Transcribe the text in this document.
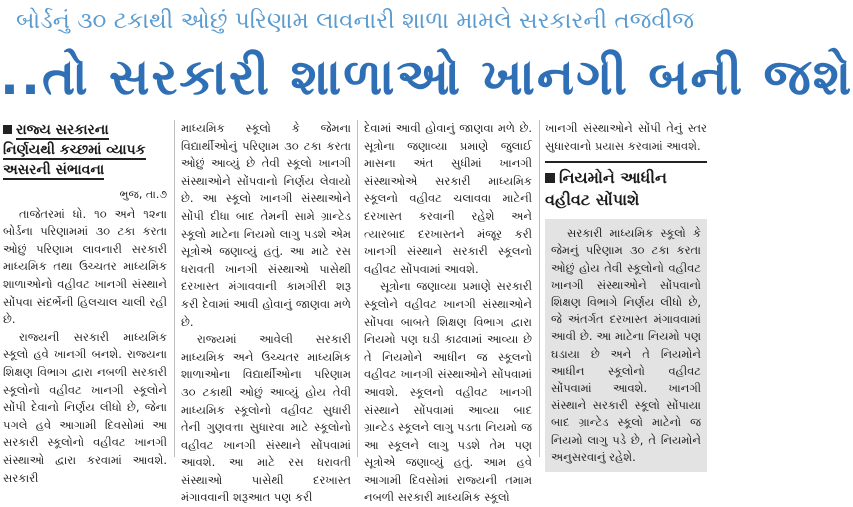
બોર્ડનું ૩૦ ટકાથી ઓછું પરિણામ લાવનારી શાળા મામલે સરકારની તજવીજ
..તો સરકારી શાળાઓ ખાનગી બની જશે
રાજ્ય સરકારના
નિર્ણયથી કચ્છમાં વ્યાપક
અસરની સંભાવના
ભુજ, તા.૭

તાજેતરમાં ધો. ૧૦ અને ૧૨ના બોર્ડના પરિણામમાં ૩૦ ટકા કરતા ઓછું પરિણામ લાવનારી સરકારી માધ્યમિક તથા ઉચ્ચતર માધ્યમિક શાળાઓનો વહીવટ ખાનગી સંસ્થાને સોંપવા સંદર્ભેની હિલચાલ ચાલી રહી છે.

રાજ્યની સરકારી માધ્યમિક સ્કૂલો હવે ખાનગી બનશે. રાજ્યના શિક્ષણ વિભાગ દ્વારા નબળી સરકારી સ્કૂલોનો વહીવટ ખાનગી સ્કૂલોને સોંપી દેવાનો નિર્ણય લીધો છે, જેના પગલે હવે આગામી દિવસોમાં આ સરકારી સ્કૂલોનો વહીવટ ખાનગી સંસ્થાઓ દ્વારા કરવામાં આવશે. સરકારી

માધ્યમિક સ્કૂલો કે જેમના વિદ્યાર્થીઓનું પરિણામ ૩૦ ટકા કરતા ઓછું આવ્યું છે તેવી સ્કૂલો ખાનગી સંસ્થાઓને સોંપવાનો નિર્ણય લેવાયો છે. આ સ્કૂલો ખાનગી સંસ્થાઓને સોંપી દીધા બાદ તેમની સામે ગ્રાન્ટેડ સ્કૂલો માટેના નિયમો લાગુ પડશે એમ સૂત્રોએ જણાવ્યું હતું. આ માટે રસ ધરાવતી ખાનગી સંસ્થાઓ પાસેથી દરખાસ્ત મંગાવવાની કામગીરી શરૂ કરી દેવામાં આવી હોવાનું જાણવા મળે છે.

રાજ્યમાં આવેલી સરકારી માધ્યમિક અને ઉચ્ચતર માધ્યમિક શાળાઓના વિદ્યાર્થીઓના પરિણામ ૩૦ ટકાથી ઓછું આવ્યું હોય તેવી માધ્યમિક સ્કૂલોનો વહીવટ સુધારી તેની ગુણવત્તા સુધારવા માટે સ્કૂલોનો વહીવટ ખાનગી સંસ્થાને સોંપવામાં આવશે. આ માટે રસ ધરાવતી સંસ્થાઓ પાસેથી દરખાસ્ત મંગાવવાની શરૂઆત પણ કરી

દેવામાં આવી હોવાનું જાણવા મળે છે. સૂત્રોના જણાવ્યા પ્રમાણે જુલાઈ માસના અંત સુધીમાં ખાનગી સંસ્થાઓએ સરકારી માધ્યમિક સ્કૂલનો વહીવટ ચલાવવા માટેની દરખાસ્ત કરવાની રહેશે અને ત્યારબાદ દરખાસ્તને મંજૂર કરી ખાનગી સંસ્થાને સરકારી સ્કૂલનો વહીવટ સોંપવામાં આવશે.

સૂત્રોના જણાવ્યા પ્રમાણે સરકારી સ્કૂલોને વહીવટ ખાનગી સંસ્થાઓને સોંપવા બાબતે શિક્ષણ વિભાગ દ્વારા નિયમો પણ ઘડી કાઢવામાં આવ્યા છે તે નિયમોને આધીન જ સ્કૂલનો વહીવટ ખાનગી સંસ્થાઓને સોંપવામાં આવશે. સ્કૂલનો વહીવટ ખાનગી સંસ્થાને સોંપવામાં આવ્યા બાદ ગ્રાન્ટેડ સ્કૂલને લાગુ પડતા નિયમો જ આ સ્કૂલને લાગુ પડશે તેમ પણ સૂત્રોએ જણાવ્યું હતું. આમ હવે આગામી દિવસોમાં રાજ્યની તમામ નબળી સરકારી માધ્યમિક સ્કૂલો

ખાનગી સંસ્થાઓને સોંપી તેનું સ્તર સુધારવાનો પ્રયાસ કરવામાં આવશે.

નિયમોને આધીન
વહીવટ સોંપાશે
સરકારી માધ્યમિક સ્કૂલો કે જેમનું પરિણામ ૩૦ ટકા કરતા ઓછું હોય તેવી સ્કૂલોનો વહીવટ ખાનગી સંસ્થાઓને સોંપવાનો શિક્ષણ વિભાગે નિર્ણય લીધો છે, જે અંતર્ગત દરખાસ્ત મંગાવવામાં આવી છે. આ માટેના નિયમો પણ ઘડાયા છે અને તે નિયમોને આધીન સ્કૂલોનો વહીવટ સોંપવામાં આવશે. ખાનગી સંસ્થાને સરકારી સ્કૂલો સોંપાયા બાદ ગ્રાન્ટેડ સ્કૂલો માટેનો જ નિયમો લાગુ પડે છે, તે નિયમોને અનુસરવાનું રહેશે.
